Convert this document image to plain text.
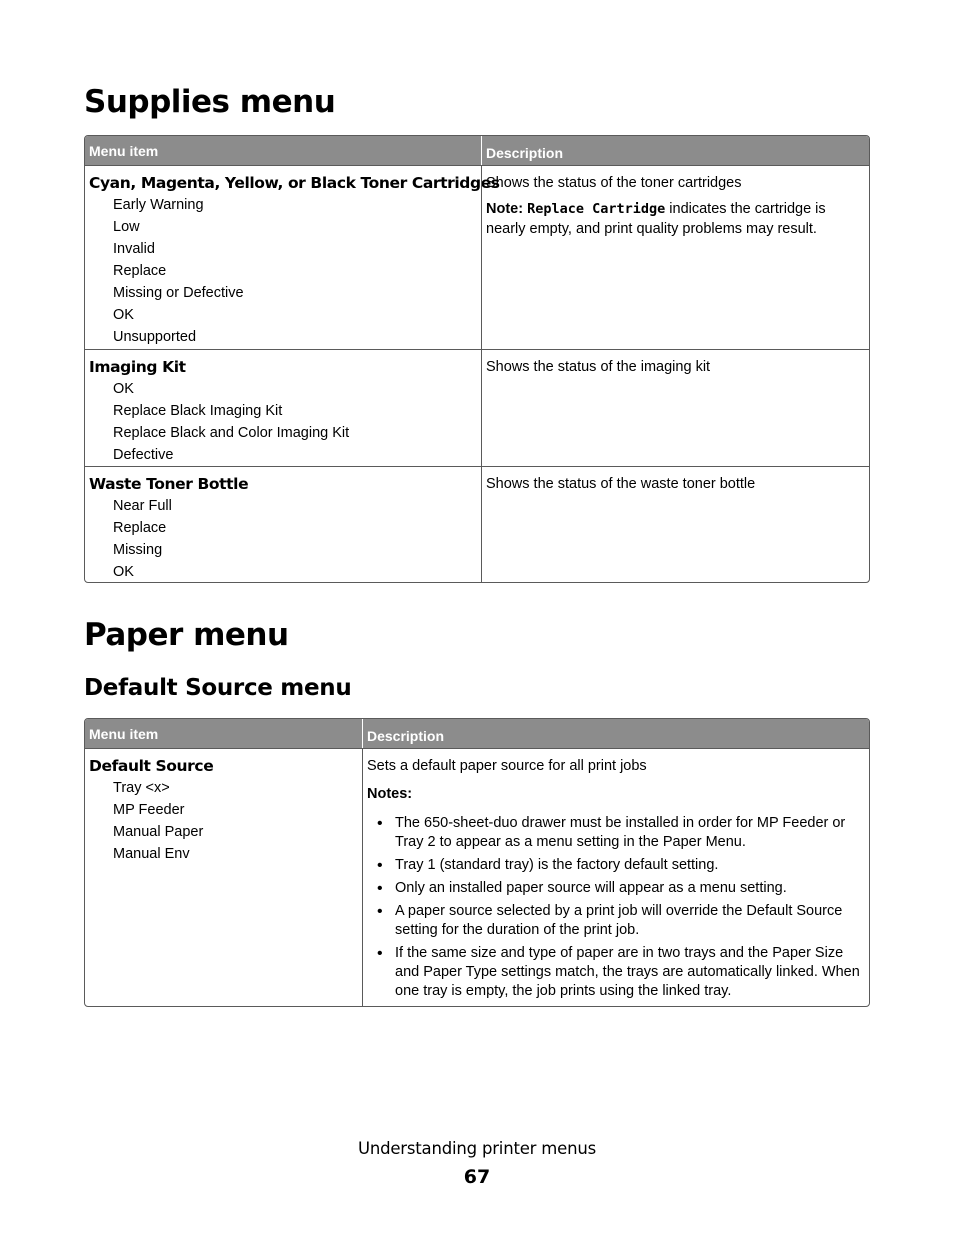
Supplies menu
Menu item	Description
Cyan, Magenta, Yellow, or Black Toner Cartridges
Early Warning
Low
Invalid
Replace
Missing or Defective
OK
Unsupported
Shows the status of the toner cartridges
Note: Replace Cartridge indicates the cartridge is nearly empty, and print quality problems may result.
Imaging Kit
OK
Replace Black Imaging Kit
Replace Black and Color Imaging Kit
Defective
Shows the status of the imaging kit
Waste Toner Bottle
Near Full
Replace
Missing
OK
Shows the status of the waste toner bottle
Paper menu
Default Source menu
Menu item	Description
Default Source
Tray <x>
MP Feeder
Manual Paper
Manual Env
Sets a default paper source for all print jobs
Notes:
• The 650-sheet-duo drawer must be installed in order for MP Feeder or Tray 2 to appear as a menu setting in the Paper Menu.
• Tray 1 (standard tray) is the factory default setting.
• Only an installed paper source will appear as a menu setting.
• A paper source selected by a print job will override the Default Source setting for the duration of the print job.
• If the same size and type of paper are in two trays and the Paper Size and Paper Type settings match, the trays are automatically linked. When one tray is empty, the job prints using the linked tray.
Understanding printer menus
67
